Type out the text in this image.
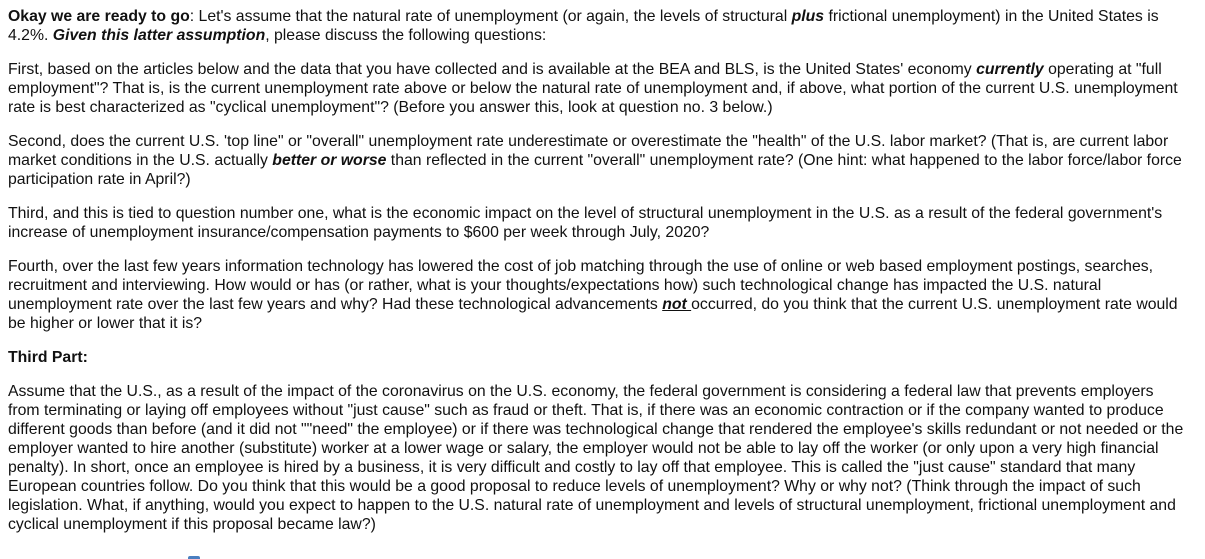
Okay we are ready to go: Let's assume that the natural rate of unemployment (or again, the levels of structural plus frictional unemployment) in the United States is 4.2%. Given this latter assumption, please discuss the following questions:

First, based on the articles below and the data that you have collected and is available at the BEA and BLS, is the United States' economy currently operating at "full employment"? That is, is the current unemployment rate above or below the natural rate of unemployment and, if above, what portion of the current U.S. unemployment rate is best characterized as "cyclical unemployment"? (Before you answer this, look at question no. 3 below.)

Second, does the current U.S. 'top line" or "overall" unemployment rate underestimate or overestimate the "health" of the U.S. labor market? (That is, are current labor market conditions in the U.S. actually better or worse than reflected in the current "overall" unemployment rate? (One hint: what happened to the labor force/labor force participation rate in April?)

Third, and this is tied to question number one, what is the economic impact on the level of structural unemployment in the U.S. as a result of the federal government's increase of unemployment insurance/compensation payments to $600 per week through July, 2020?

Fourth, over the last few years information technology has lowered the cost of job matching through the use of online or web based employment postings, searches, recruitment and interviewing. How would or has (or rather, what is your thoughts/expectations how) such technological change has impacted the U.S. natural unemployment rate over the last few years and why? Had these technological advancements not occurred, do you think that the current U.S. unemployment rate would be higher or lower that it is?

Third Part:

Assume that the U.S., as a result of the impact of the coronavirus on the U.S. economy, the federal government is considering a federal law that prevents employers from terminating or laying off employees without "just cause" such as fraud or theft. That is, if there was an economic contraction or if the company wanted to produce different goods than before (and it did not ""need" the employee) or if there was technological change that rendered the employee's skills redundant or not needed or the employer wanted to hire another (substitute) worker at a lower wage or salary, the employer would not be able to lay off the worker (or only upon a very high financial penalty). In short, once an employee is hired by a business, it is very difficult and costly to lay off that employee. This is called the "just cause" standard that many European countries follow. Do you think that this would be a good proposal to reduce levels of unemployment? Why or why not? (Think through the impact of such legislation. What, if anything, would you expect to happen to the U.S. natural rate of unemployment and levels of structural unemployment, frictional unemployment and cyclical unemployment if this proposal became law?)
